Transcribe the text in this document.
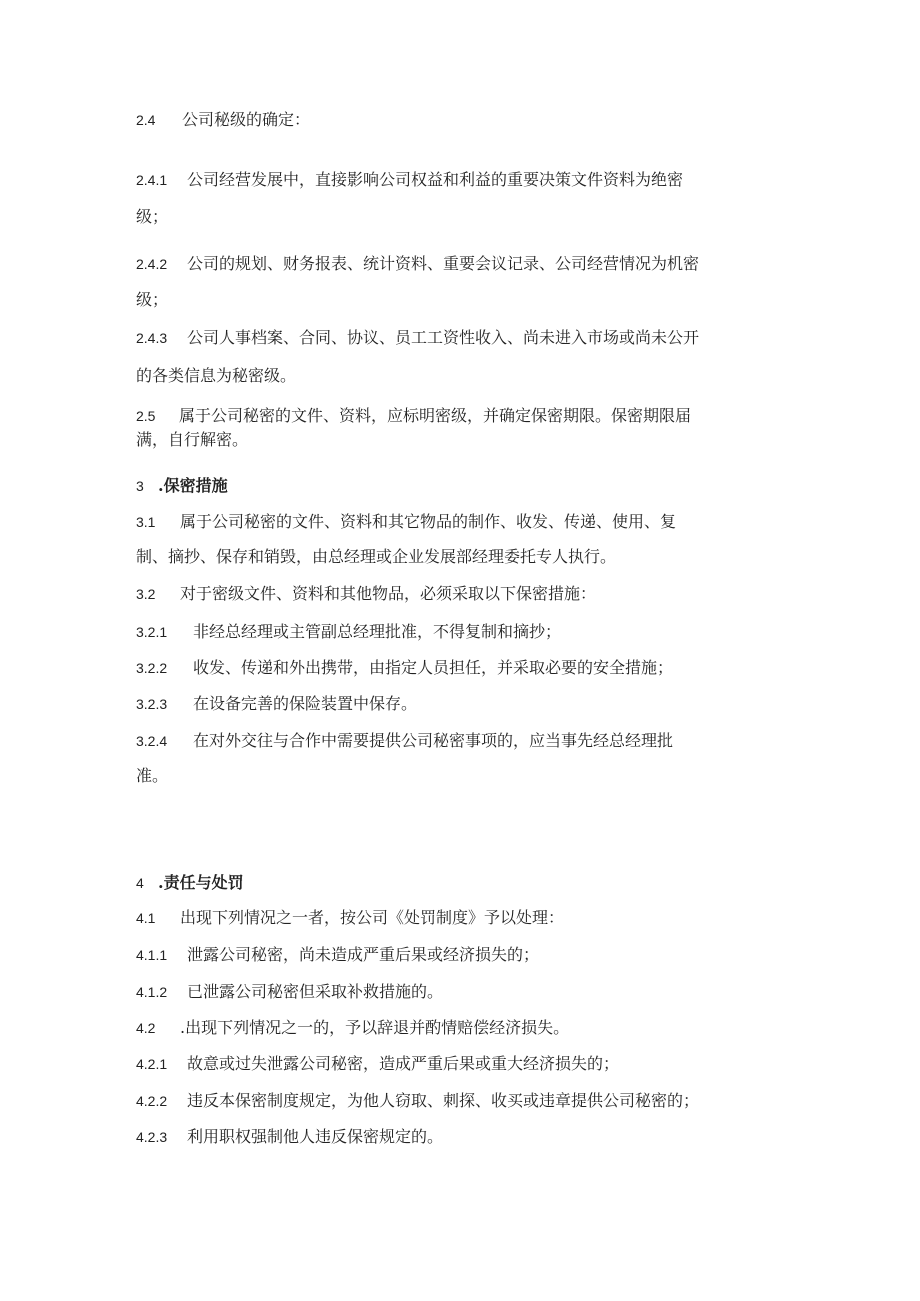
2.4 公司秘级的确定：
2.4.1 公司经营发展中，直接影响公司权益和利益的重要决策文件资料为绝密
级；
2.4.2 公司的规划、财务报表、统计资料、重要会议记录、公司经营情况为机密
级；
2.4.3 公司人事档案、合同、协议、员工工资性收入、尚未进入市场或尚未公开
的各类信息为秘密级。
2.5 属于公司秘密的文件、资料，应标明密级，并确定保密期限。保密期限届
满，自行解密。
3 .保密措施
3.1 属于公司秘密的文件、资料和其它物品的制作、收发、传递、使用、复
制、摘抄、保存和销毁，由总经理或企业发展部经理委托专人执行。
3.2 对于密级文件、资料和其他物品，必须采取以下保密措施：
3.2.1 非经总经理或主管副总经理批准，不得复制和摘抄；
3.2.2 收发、传递和外出携带，由指定人员担任，并采取必要的安全措施；
3.2.3 在设备完善的保险装置中保存。
3.2.4 在对外交往与合作中需要提供公司秘密事项的，应当事先经总经理批
准。
4 .责任与处罚
4.1 出现下列情况之一者，按公司《处罚制度》予以处理：
4.1.1 泄露公司秘密，尚未造成严重后果或经济损失的；
4.1.2 已泄露公司秘密但采取补救措施的。
4.2 .出现下列情况之一的，予以辞退并酌情赔偿经济损失。
4.2.1 故意或过失泄露公司秘密，造成严重后果或重大经济损失的；
4.2.2 违反本保密制度规定，为他人窃取、刺探、收买或违章提供公司秘密的；
4.2.3 利用职权强制他人违反保密规定的。
